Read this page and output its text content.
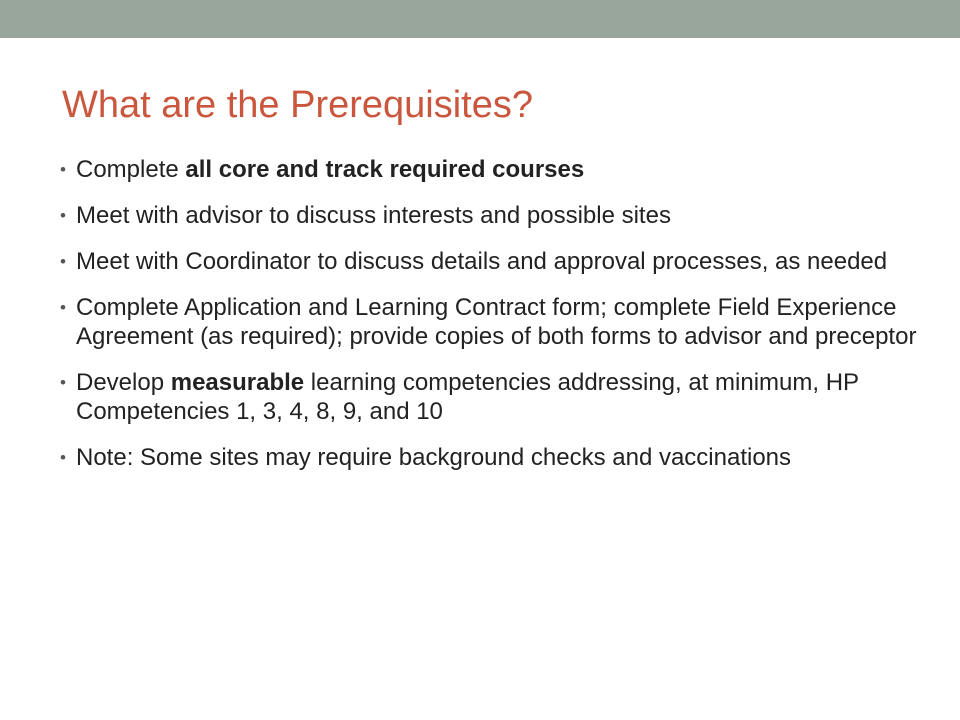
What are the Prerequisites?
• Complete all core and track required courses
• Meet with advisor to discuss interests and possible sites
• Meet with Coordinator to discuss details and approval processes, as needed
• Complete Application and Learning Contract form; complete Field Experience Agreement (as required); provide copies of both forms to advisor and preceptor
• Develop measurable learning competencies addressing, at minimum, HP Competencies 1, 3, 4, 8, 9, and 10
• Note: Some sites may require background checks and vaccinations
